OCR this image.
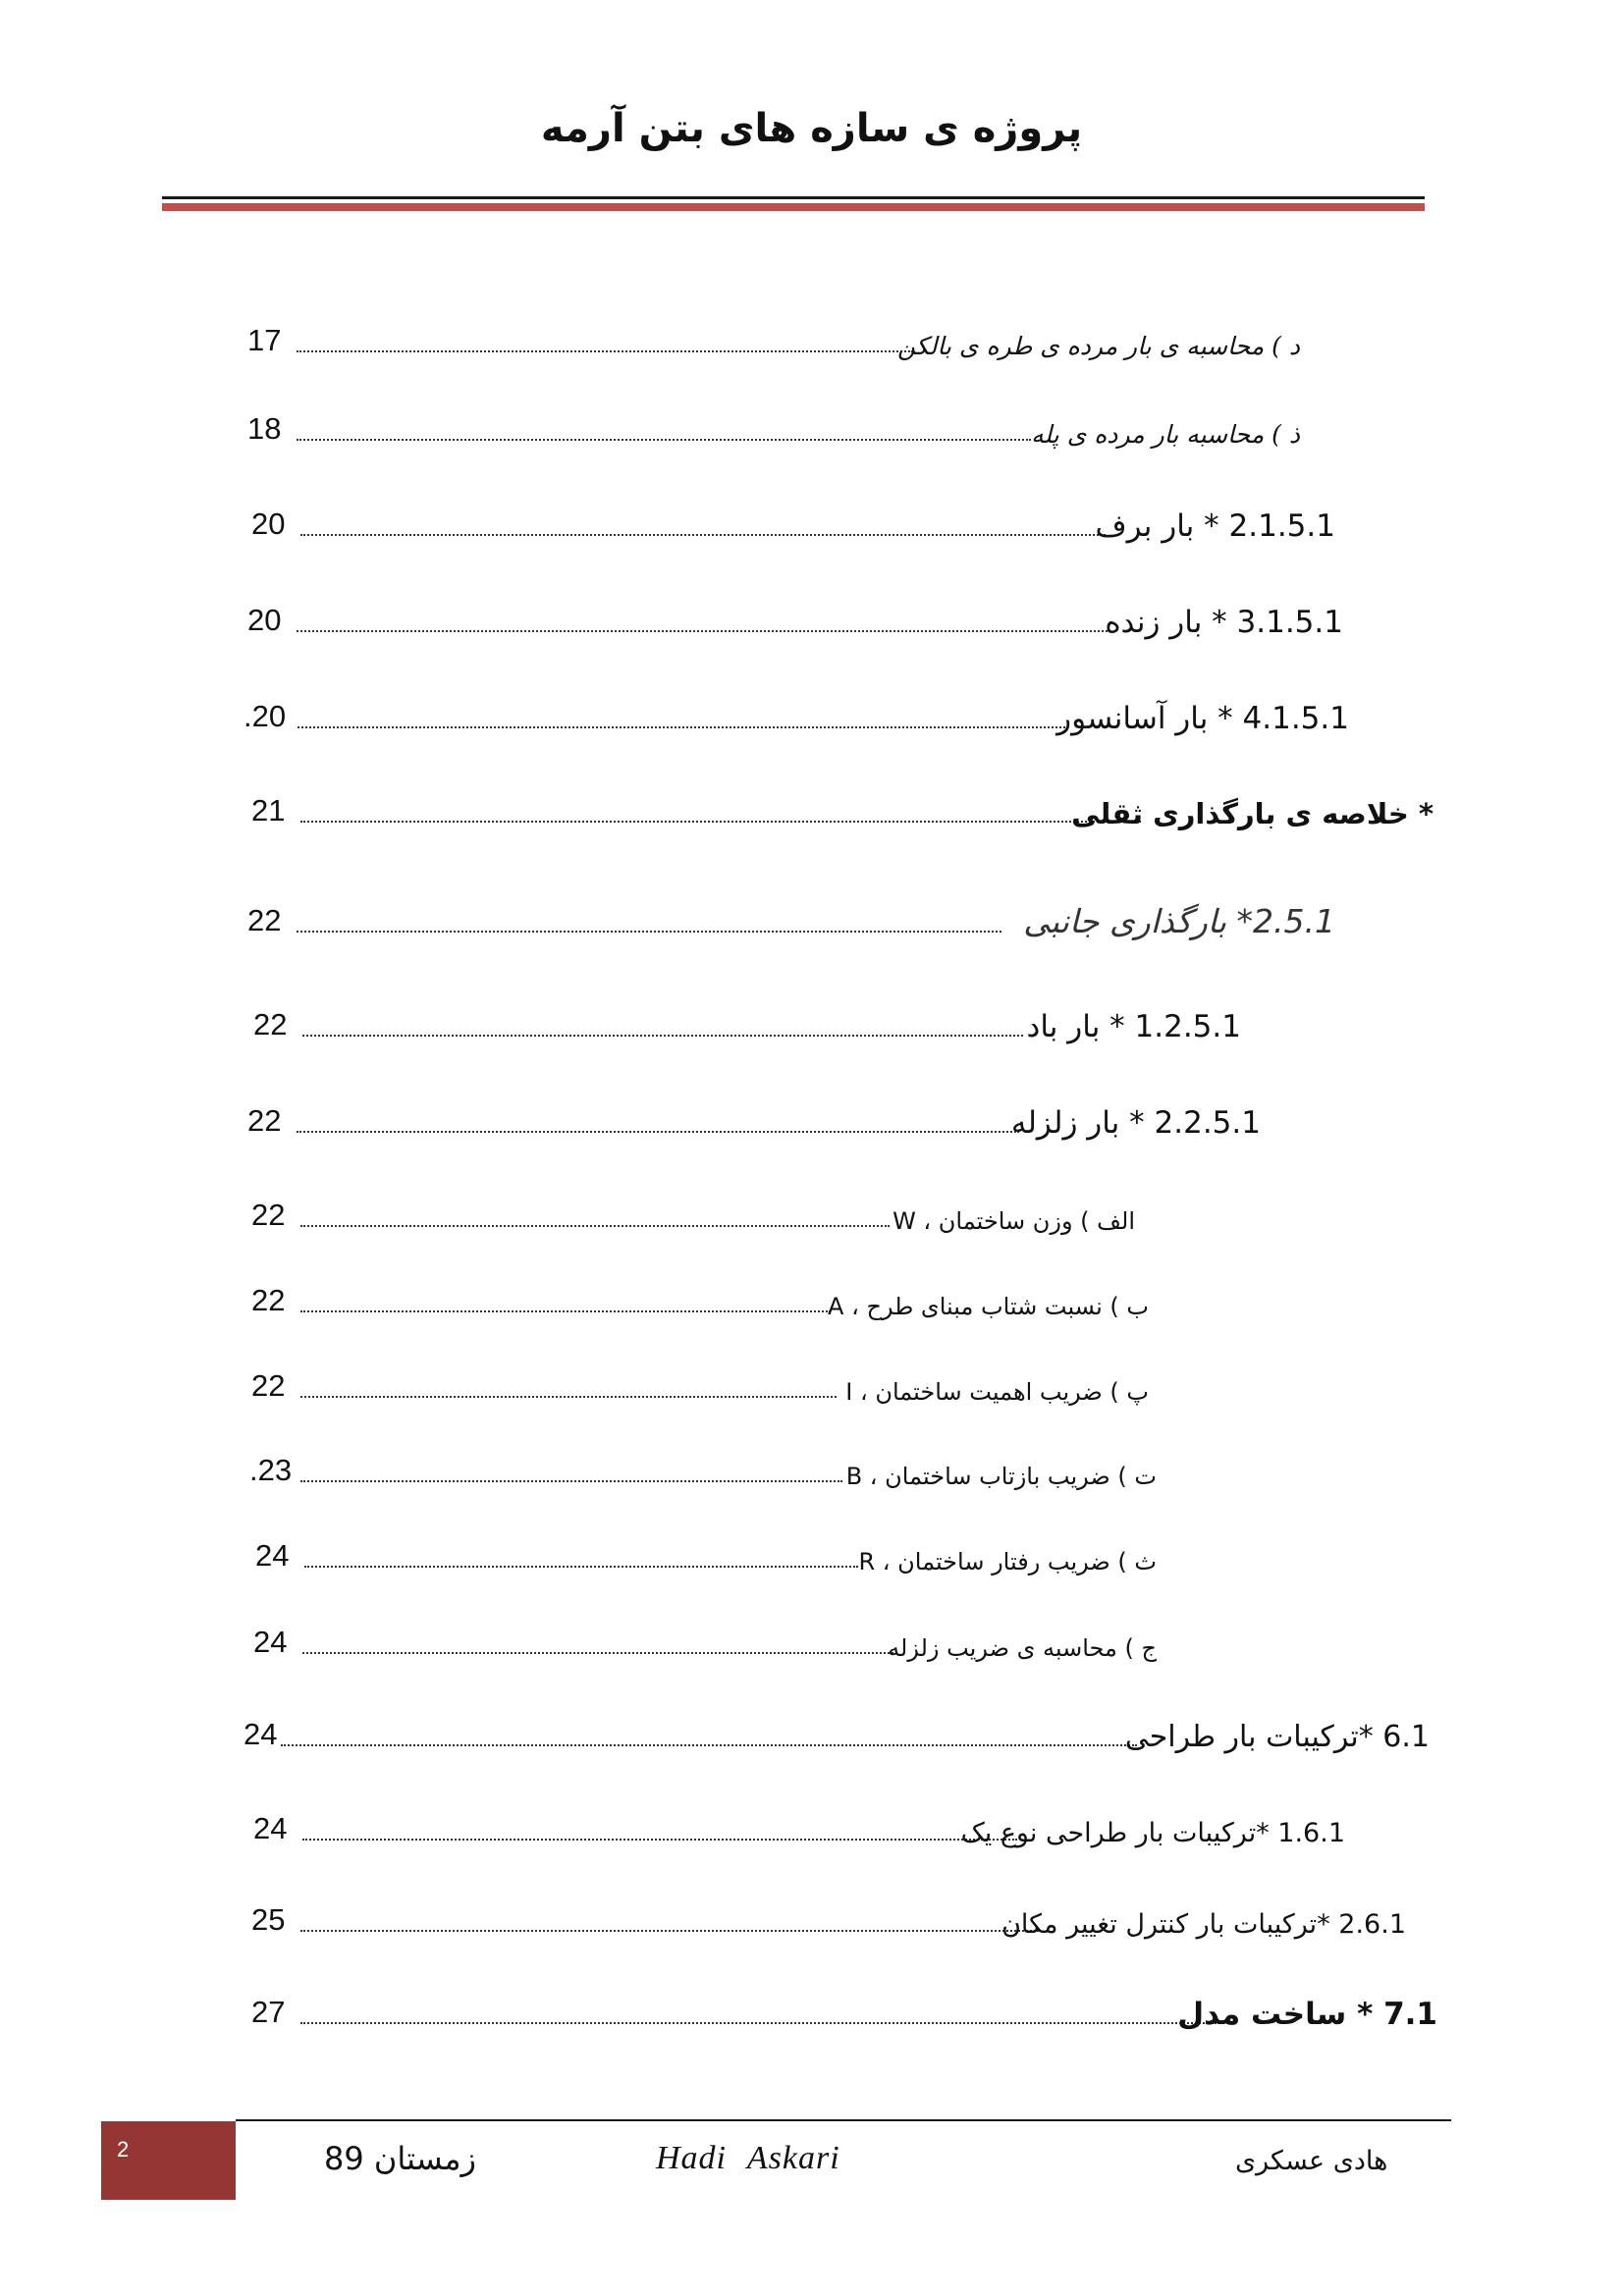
پروژه ی سازه های بتن آرمه
17	د ) محاسبه ی بار مرده ی طره ی بالکن
18	ذ ) محاسبه بار مرده ی پله
20	2.1.5.1 * بار برف
20	3.1.5.1 * بار زنده
.20	4.1.5.1 * بار آسانسور
21	* خلاصه ی بارگذاری ثقلی
22	2.5.1* بارگذاری جانبی
22	1.2.5.1 * بار باد
22	2.2.5.1 * بار زلزله
22	الف ) وزن ساختمان ، W
22	ب ) نسبت شتاب مبنای طرح ، A
22	پ ) ضریب اهمیت ساختمان ، I
.23	ت ) ضریب بازتاب ساختمان ، B
24	ث ) ضریب رفتار ساختمان ، R
24	ج ) محاسبه ی ضریب زلزله
24	6.1 *ترکیبات بار طراحی
24	1.6.1 *ترکیبات بار طراحی نوع یک
25	2.6.1 *ترکیبات بار کنترل تغییر مکان
27	7.1 * ساخت مدل
2	زمستان 89	Hadi Askari	هادی عسکری
